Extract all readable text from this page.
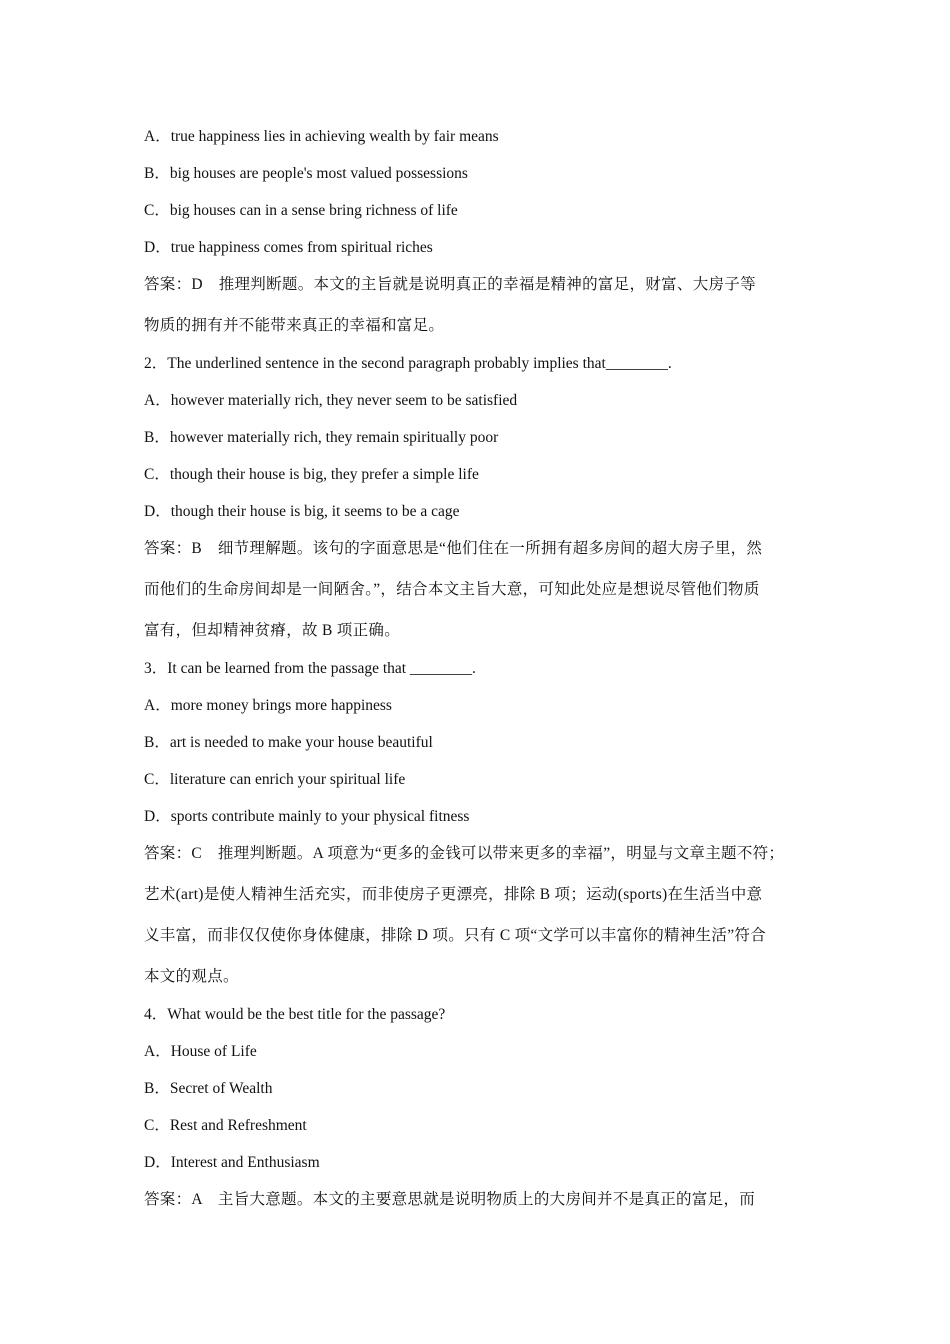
A．true happiness lies in achieving wealth by fair means
B．big houses are people's most valued possessions
C．big houses can in a sense bring richness of life
D．true happiness comes from spiritual riches
答案：D　推理判断题。本文的主旨就是说明真正的幸福是精神的富足，财富、大房子等
物质的拥有并不能带来真正的幸福和富足。
2．The underlined sentence in the second paragraph probably implies that________.
A．however materially rich, they never seem to be satisfied
B．however materially rich, they remain spiritually poor
C．though their house is big, they prefer a simple life
D．though their house is big, it seems to be a cage
答案：B　细节理解题。该句的字面意思是“他们住在一所拥有超多房间的超大房子里，然
而他们的生命房间却是一间陋舍。”，结合本文主旨大意，可知此处应是想说尽管他们物质
富有，但却精神贫瘠，故 B 项正确。
3．It can be learned from the passage that ________.
A．more money brings more happiness
B．art is needed to make your house beautiful
C．literature can enrich your spiritual life
D．sports contribute mainly to your physical fitness
答案：C　推理判断题。A 项意为“更多的金钱可以带来更多的幸福”，明显与文章主题不符；
艺术(art)是使人精神生活充实，而非使房子更漂亮，排除 B 项；运动(sports)在生活当中意
义丰富，而非仅仅使你身体健康，排除 D 项。只有 C 项“文学可以丰富你的精神生活”符合
本文的观点。
4．What would be the best title for the passage?
A．House of Life
B．Secret of Wealth
C．Rest and Refreshment
D．Interest and Enthusiasm
答案：A　主旨大意题。本文的主要意思就是说明物质上的大房间并不是真正的富足，而
